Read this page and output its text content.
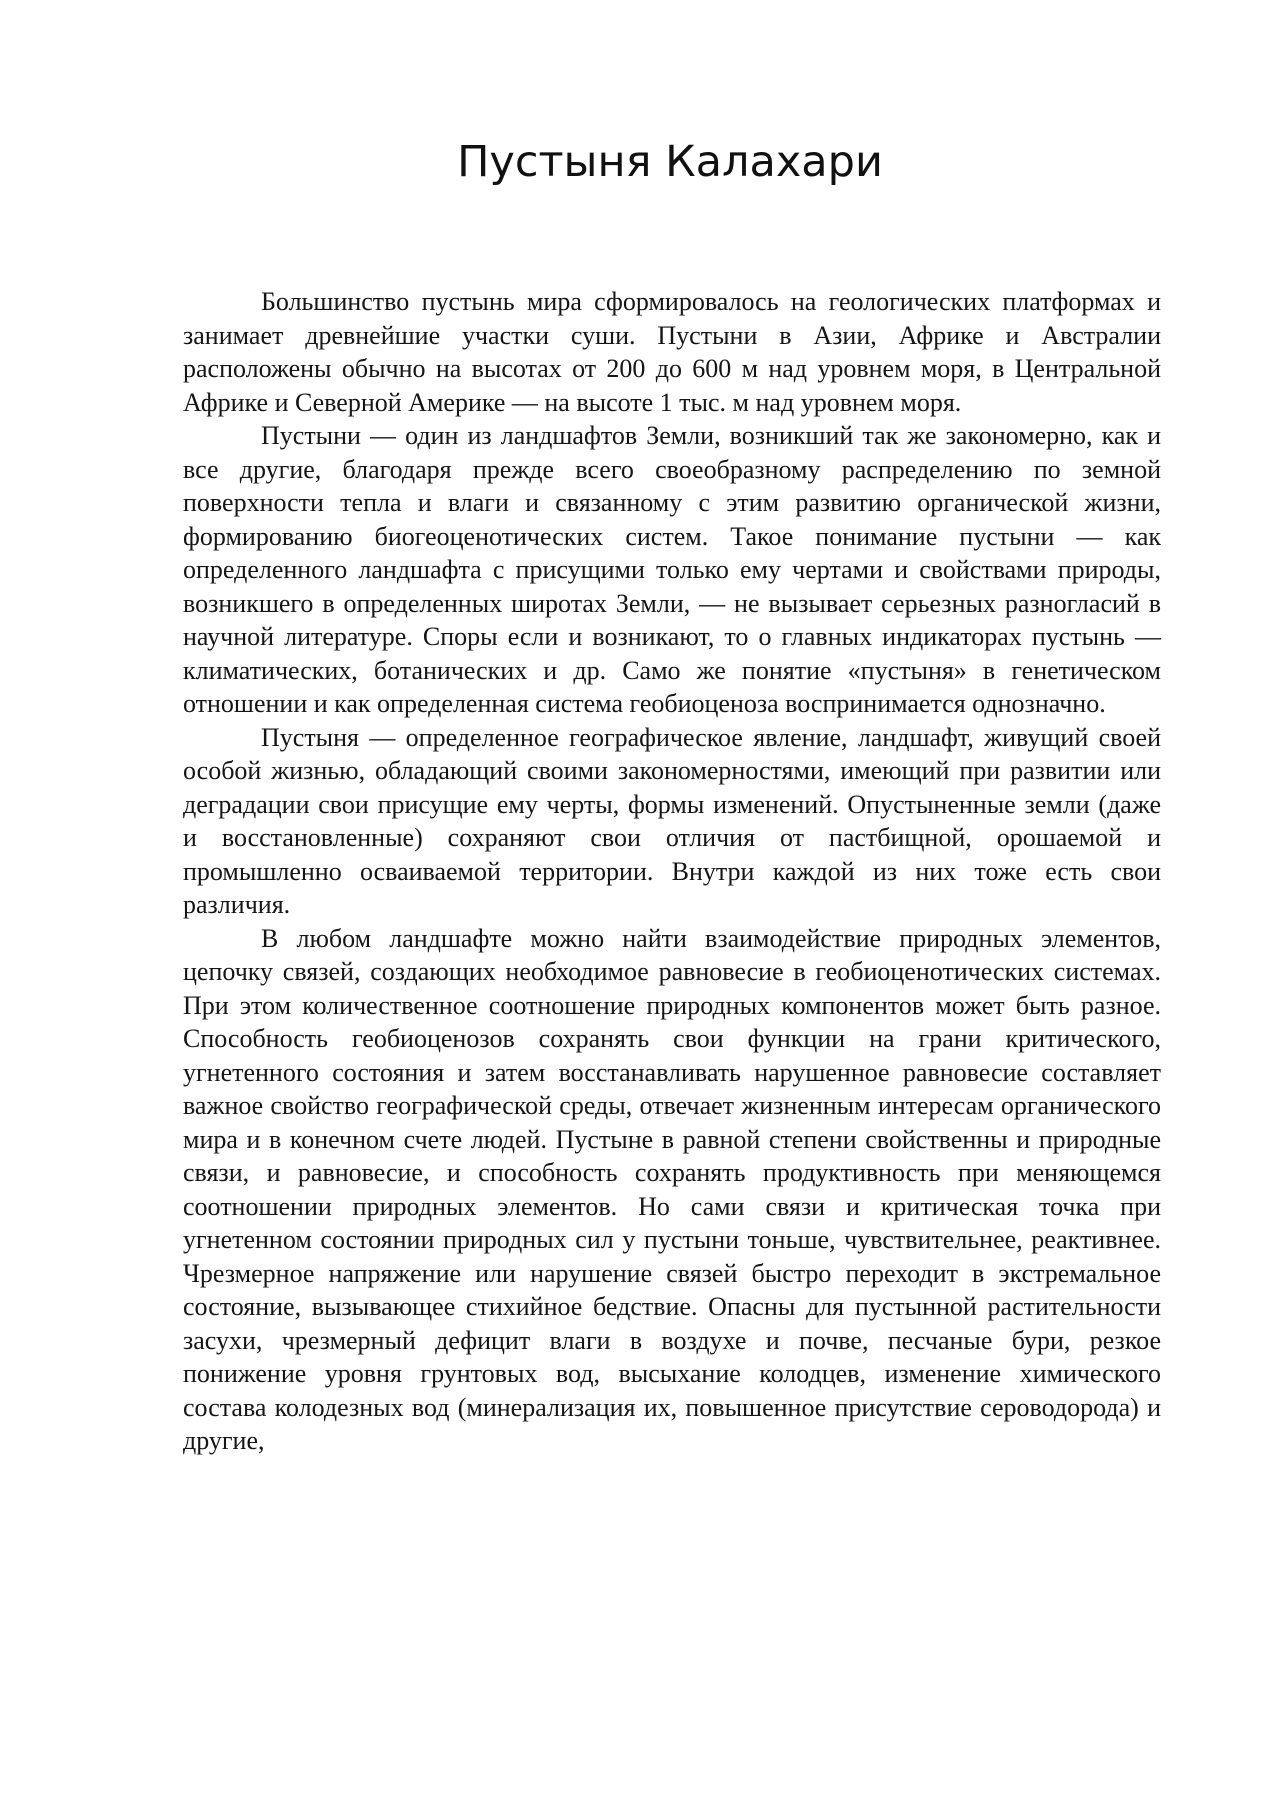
Пустыня Калахари

Большинство пустынь мира сформировалось на геологических платформах и занимает древнейшие участки суши. Пустыни в Азии, Африке и Австралии расположены обычно на высотах от 200 до 600 м над уровнем моря, в Центральной Африке и Северной Америке — на высоте 1 тыс. м над уровнем моря.

Пустыни — один из ландшафтов Земли, возникший так же закономерно, как и все другие, благодаря прежде всего своеобразному распределению по земной поверхности тепла и влаги и связанному с этим развитию органической жизни, формированию биогеоценотических систем. Такое понимание пустыни — как определенного ландшафта с присущими только ему чертами и свойствами природы, возникшего в определенных широтах Земли, — не вызывает серьезных разногласий в научной литературе. Споры если и возникают, то о главных индикаторах пустынь — климатических, ботанических и др. Само же понятие «пустыня» в генетическом отношении и как определенная система геобиоценоза воспринимается однозначно.

Пустыня — определенное географическое явление, ландшафт, живущий своей особой жизнью, обладающий своими закономерностями, имеющий при развитии или деградации свои присущие ему черты, формы изменений. Опустыненные земли (даже и восстановленные) сохраняют свои отличия от пастбищной, орошаемой и промышленно осваиваемой территории. Внутри каждой из них тоже есть свои различия.

В любом ландшафте можно найти взаимодействие природных элементов, цепочку связей, создающих необходимое равновесие в геобиоценотических системах. При этом количественное соотношение природных компонентов может быть разное. Способность геобиоценозов сохранять свои функции на грани критического, угнетенного состояния и затем восстанавливать нарушенное равновесие составляет важное свойство географической среды, отвечает жизненным интересам органического мира и в конечном счете людей. Пустыне в равной степени свойственны и природные связи, и равновесие, и способность сохранять продуктивность при меняющемся соотношении природных элементов. Но сами связи и критическая точка при угнетенном состоянии природных сил у пустыни тоньше, чувствительнее, реактивнее. Чрезмерное напряжение или нарушение связей быстро переходит в экстремальное состояние, вызывающее стихийное бедствие. Опасны для пустынной растительности засухи, чрезмерный дефицит влаги в воздухе и почве, песчаные бури, резкое понижение уровня грунтовых вод, высыхание колодцев, изменение химического состава колодезных вод (минерализация их, повышенное присутствие сероводорода) и другие,
